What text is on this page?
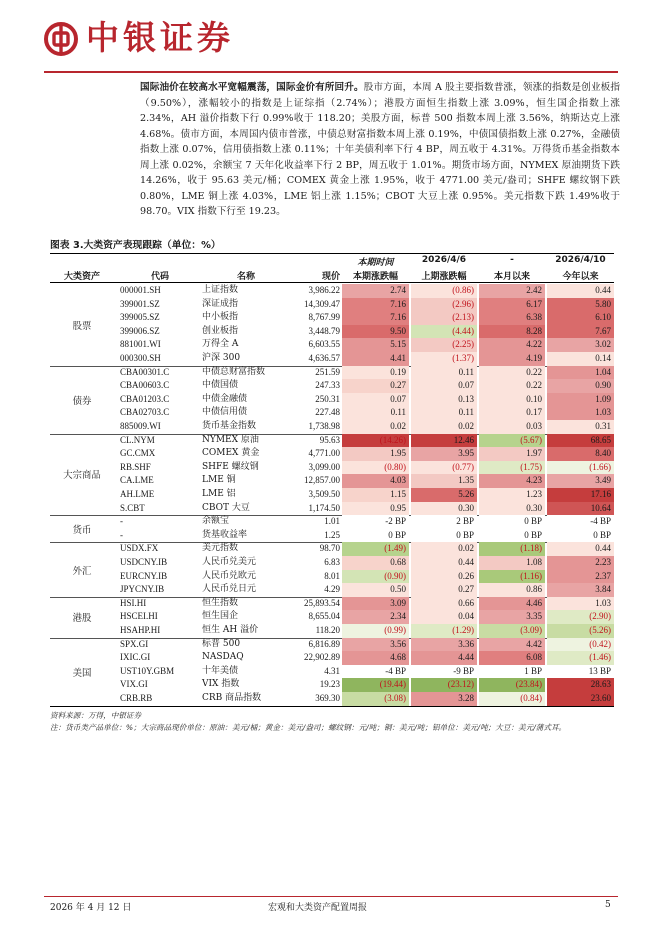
中银证券
国际油价在较高水平宽幅震荡，国际金价有所回升。股市方面，本周 A 股主要指数普涨，领涨的指数是创业板指（9.50%），涨幅较小的指数是上证综指（2.74%）；港股方面恒生指数上涨 3.09%，恒生国企指数上涨 2.34%，AH 溢价指数下行 0.99%收于 118.20；美股方面，标普 500 指数本周上涨 3.56%，纳斯达克上涨 4.68%。债市方面，本周国内债市普涨，中债总财富指数本周上涨 0.19%，中债国债指数上涨 0.27%，金融债指数上涨 0.07%，信用债指数上涨 0.11%；十年美债利率下行 4 BP，周五收于 4.31%。万得货币基金指数本周上涨 0.02%，余额宝 7 天年化收益率下行 2 BP，周五收于 1.01%。期货市场方面，NYMEX 原油期货下跌 14.26%，收于 95.63 美元/桶；COMEX 黄金上涨 1.95%，收于 4771.00 美元/盎司；SHFE 螺纹钢下跌 0.80%，LME 铜上涨 4.03%，LME 铝上涨 1.15%；CBOT 大豆上涨 0.95%。美元指数下跌 1.49%收于 98.70。VIX 指数下行至 19.23。
图表 3.大类资产表现跟踪（单位：%）
本期时间	2026/4/6	-	2026/4/10
大类资产	代码	名称	现价	本期涨跌幅	上期涨跌幅	本月以来	今年以来
000001.SH	上证指数	3,986.22	2.74	(0.86)	2.42	0.44
399001.SZ	深证成指	14,309.47	7.16	(2.96)	6.17	5.80
399005.SZ	中小板指	8,767.99	7.16	(2.13)	6.38	6.10
399006.SZ	创业板指	3,448.79	9.50	(4.44)	8.28	7.67
881001.WI	万得全 A	6,603.55	5.15	(2.25)	4.22	3.02
000300.SH	沪深 300	4,636.57	4.41	(1.37)	4.19	0.14
股票
CBA00301.C	中债总财富指数	251.59	0.19	0.11	0.22	1.04
CBA00603.C	中债国债	247.33	0.27	0.07	0.22	0.90
CBA01203.C	中债金融债	250.31	0.07	0.13	0.10	1.09
CBA02703.C	中债信用债	227.48	0.11	0.11	0.17	1.03
885009.WI	货币基金指数	1,738.98	0.02	0.02	0.03	0.31
债券
CL.NYM	NYMEX 原油	95.63	(14.26)	12.46	(5.67)	68.65
GC.CMX	COMEX 黄金	4,771.00	1.95	3.95	1.97	8.40
RB.SHF	SHFE 螺纹钢	3,099.00	(0.80)	(0.77)	(1.75)	(1.66)
CA.LME	LME 铜	12,857.00	4.03	1.35	4.23	3.49
AH.LME	LME 铝	3,509.50	1.15	5.26	1.23	17.16
S.CBT	CBOT 大豆	1,174.50	0.95	0.30	0.30	10.64
大宗商品
-	余额宝	1.01	-2 BP	2 BP	0 BP	-4 BP
-	货基收益率	1.25	0 BP	0 BP	0 BP	0 BP
货币
USDX.FX	美元指数	98.70	(1.49)	0.02	(1.18)	0.44
USDCNY.IB	人民币兑美元	6.83	0.68	0.44	1.08	2.23
EURCNY.IB	人民币兑欧元	8.01	(0.90)	0.26	(1.16)	2.37
JPYCNY.IB	人民币兑日元	4.29	0.50	0.27	0.86	3.84
外汇
HSI.HI	恒生指数	25,893.54	3.09	0.66	4.46	1.03
HSCEI.HI	恒生国企	8,655.04	2.34	0.04	3.35	(2.90)
HSAHP.HI	恒生 AH 溢价	118.20	(0.99)	(1.29)	(3.09)	(5.26)
港股
SPX.GI	标普 500	6,816.89	3.56	3.36	4.42	(0.42)
IXIC.GI	NASDAQ	22,902.89	4.68	4.44	6.08	(1.46)
UST10Y.GBM	十年美债	4.31	-4 BP	-9 BP	1 BP	13 BP
VIX.GI	VIX 指数	19.23	(19.44)	(23.12)	(23.84)	28.63
CRB.RB	CRB 商品指数	369.30	(3.08)	3.28	(0.84)	23.60
美国
资料来源：万得，中银证券
注：货币类产品单位：%；大宗商品现价单位：原油：美元/桶；黄金：美元/盎司；螺纹钢：元/吨；铜：美元/吨；铝单位：美元/吨；大豆：美元/蒲式耳。
2026 年 4 月 12 日	宏观和大类资产配置周报	5
